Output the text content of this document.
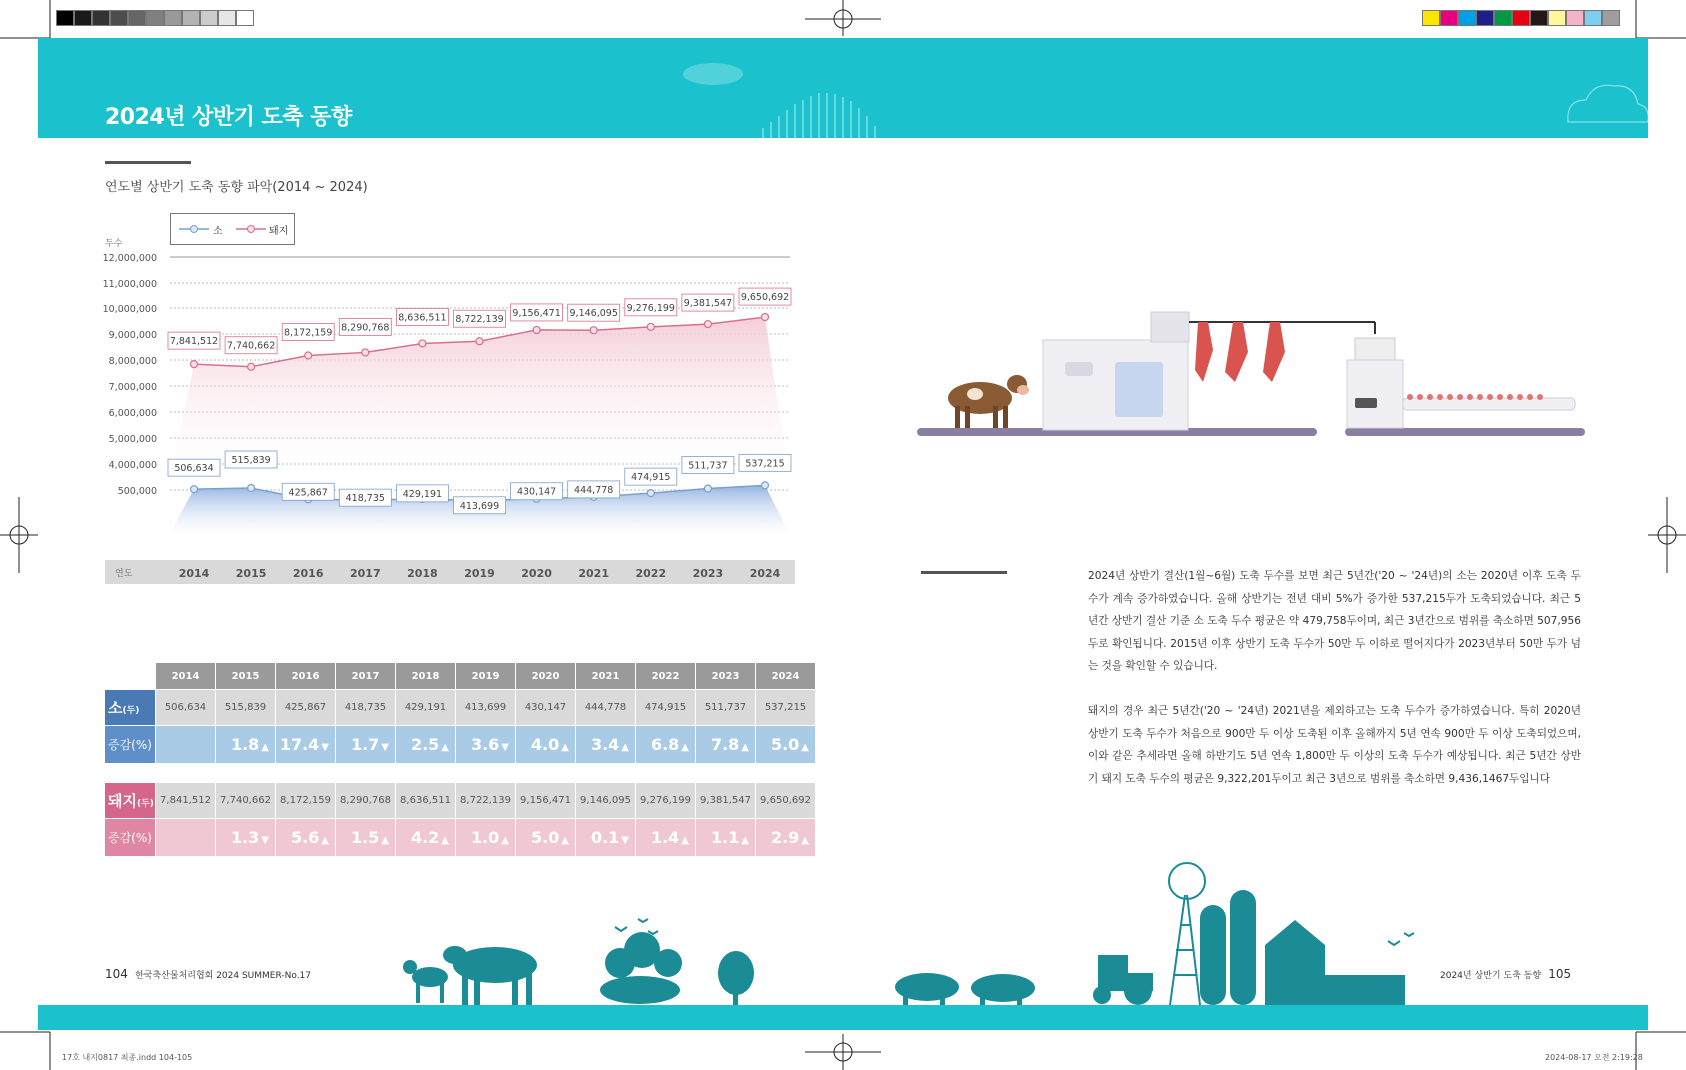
2024년 상반기 도축 동향
연도별 상반기 도축 동향 파악(2014 ~ 2024)
소	돼지
두수
12,000,000
11,000,000
10,000,000
9,000,000
8,000,000
7,000,000
6,000,000
5,000,000
4,000,000
500,000
7,841,512 7,740,662
8,172,159 8,290,768
8,636,511 8,722,139
9,156,471 9,146,095 9,276,199 9,381,547
9,650,692
506,634
515,839
425,867
418,735 429,191
413,699
430,147 444,778
474,915
511,737 537,215
연도	2014 2015 2016 2017 2018 2019 2020 2021 2022 2023 2024
	2014	2015	2016	2017	2018	2019	2020	2021	2022	2023	2024
소(두)	506,634	515,839	425,867	418,735	429,191	413,699	430,147	444,778	474,915	511,737	537,215
증감(%)		1.8 ▲	17.4 ▼	1.7 ▼	2.5 ▲	3.6 ▼	4.0 ▲	3.4 ▲	6.8 ▲	7.8 ▲	5.0 ▲

돼지(두)	7,841,512	7,740,662	8,172,159	8,290,768	8,636,511	8,722,139	9,156,471	9,146,095	9,276,199	9,381,547	9,650,692
증감(%)		1.3 ▼	5.6 ▲	1.5 ▲	4.2 ▲	1.0 ▲	5.0 ▲	0.1 ▼	1.4 ▲	1.1 ▲	2.9 ▲
2024년 상반기 결산(1월~6월) 도축 두수를 보면 최근 5년간('20 ~ '24년)의 소는 2020년 이후 도축 두수가 계속 증가하였습니다. 올해 상반기는 전년 대비 5%가 증가한 537,215두가 도축되었습니다. 최근 5년간 상반기 결산 기준 소 도축 두수 평균은 약 479,758두이며, 최근 3년간으로 범위를 축소하면 507,956두로 확인됩니다. 2015년 이후 상반기 도축 두수가 50만 두 이하로 떨어지다가 2023년부터 50만 두가 넘는 것을 확인할 수 있습니다.
돼지의 경우 최근 5년간('20 ~ '24년) 2021년을 제외하고는 도축 두수가 증가하였습니다. 특히 2020년 상반기 도축 두수가 처음으로 900만 두 이상 도축된 이후 올해까지 5년 연속 900만 두 이상 도축되었으며, 이와 같은 추세라면 올해 하반기도 5년 연속 1,800만 두 이상의 도축 두수가 예상됩니다. 최근 5년간 상반기 돼지 도축 두수의 평균은 9,322,201두이고 최근 3년으로 범위를 축소하면 9,436,1467두입니다
104 한국축산물처리협회 2024 SUMMER-No.17	2024년 상반기 도축 동향 105
17호 내지0817 최종.indd 104-105	2024-08-17 오전 2:19:28
